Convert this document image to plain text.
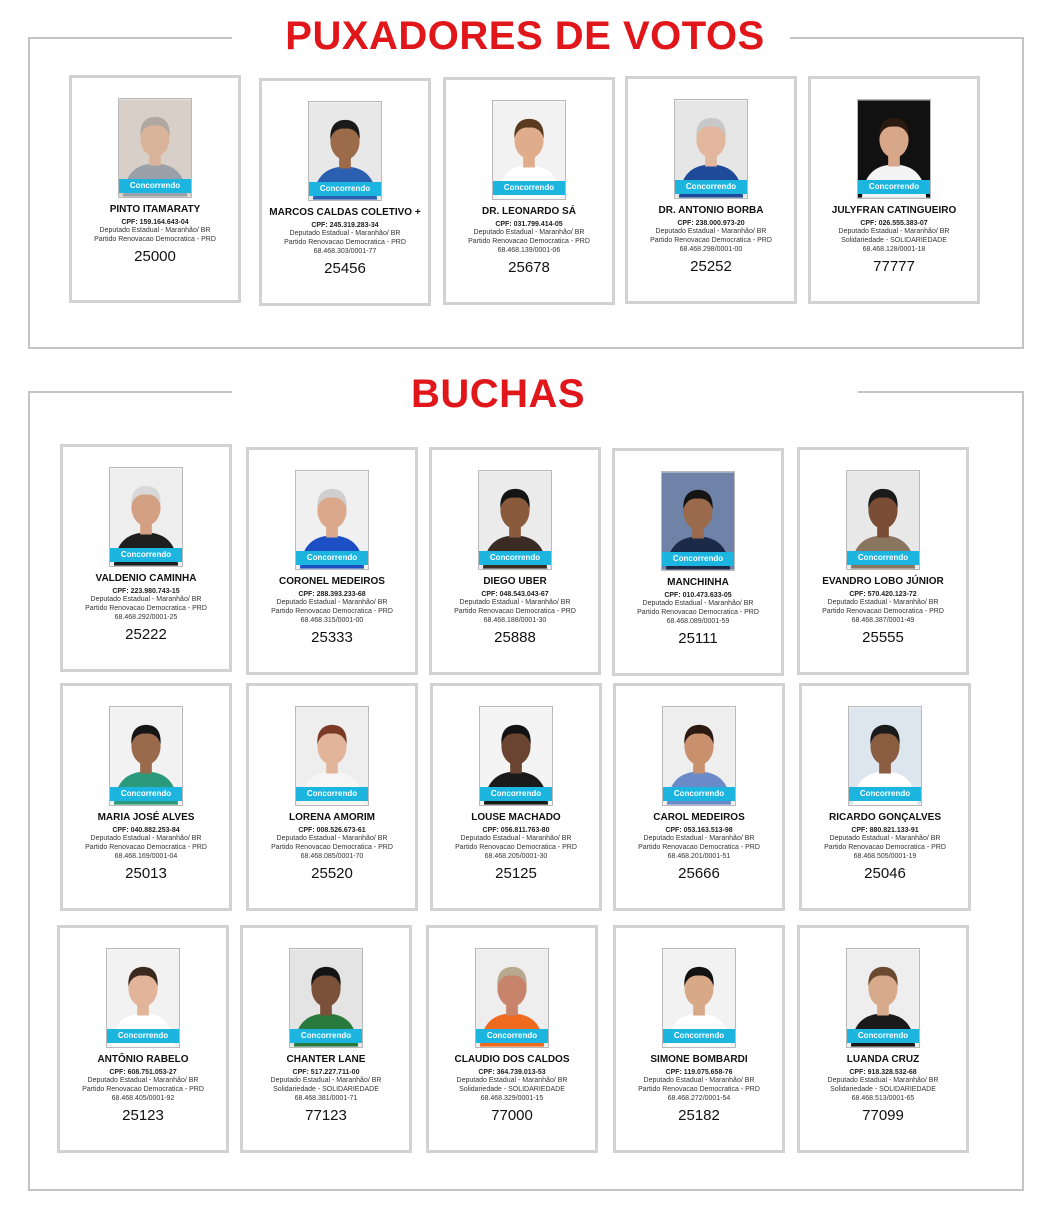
PUXADORES DE VOTOS
BUCHAS
Concorrendo
PINTO ITAMARATY
CPF: 159.164.643-04
Deputado Estadual - Maranhão/ BR
Partido Renovacao Democratica - PRD
25000
Concorrendo
MARCOS CALDAS COLETIVO +
CPF: 245.319.283-34
Deputado Estadual - Maranhão/ BR
Partido Renovacao Democratica - PRD
68.468.303/0001-77
25456
Concorrendo
DR. LEONARDO SÁ
CPF: 031.799.414-05
Deputado Estadual - Maranhão/ BR
Partido Renovacao Democratica - PRD
68.468.139/0001-06
25678
Concorrendo
DR. ANTONIO BORBA
CPF: 238.000.973-20
Deputado Estadual - Maranhão/ BR
Partido Renovacao Democratica - PRD
68.468.298/0001-00
25252
Concorrendo
JULYFRAN CATINGUEIRO
CPF: 026.555.383-07
Deputado Estadual - Maranhão/ BR
Solidariedade - SOLIDARIEDADE
68.468.128/0001-18
77777
Concorrendo
VALDENIO CAMINHA
CPF: 223.980.743-15
Deputado Estadual - Maranhão/ BR
Partido Renovacao Democratica - PRD
68.468.292/0001-25
25222
Concorrendo
CORONEL MEDEIROS
CPF: 288.393.233-68
Deputado Estadual - Maranhão/ BR
Partido Renovacao Democratica - PRD
68.468.315/0001-00
25333
Concorrendo
DIEGO UBER
CPF: 048.543.043-67
Deputado Estadual - Maranhão/ BR
Partido Renovacao Democratica - PRD
68.468.188/0001-30
25888
Concorrendo
MANCHINHA
CPF: 010.473.633-05
Deputado Estadual - Maranhão/ BR
Partido Renovacao Democratica - PRD
68.468.089/0001-59
25111
Concorrendo
EVANDRO LOBO JÚNIOR
CPF: 570.420.123-72
Deputado Estadual - Maranhão/ BR
Partido Renovacao Democratica - PRD
68.468.387/0001-49
25555
Concorrendo
MARIA JOSÉ ALVES
CPF: 040.882.253-84
Deputado Estadual - Maranhão/ BR
Partido Renovacao Democratica - PRD
68.468.169/0001-04
25013
Concorrendo
LORENA AMORIM
CPF: 008.526.673-61
Deputado Estadual - Maranhão/ BR
Partido Renovacao Democratica - PRD
68.468.085/0001-70
25520
Concorrendo
LOUSE MACHADO
CPF: 056.811.763-80
Deputado Estadual - Maranhão/ BR
Partido Renovacao Democratica - PRD
68.468.205/0001-30
25125
Concorrendo
CAROL MEDEIROS
CPF: 053.163.513-98
Deputado Estadual - Maranhão/ BR
Partido Renovacao Democratica - PRD
68.468.201/0001-51
25666
Concorrendo
RICARDO GONÇALVES
CPF: 880.821.133-91
Deputado Estadual - Maranhão/ BR
Partido Renovacao Democratica - PRD
68.468.505/0001-19
25046
Concorrendo
ANTÔNIO RABELO
CPF: 608.751.053-27
Deputado Estadual - Maranhão/ BR
Partido Renovacao Democratica - PRD
68.468.405/0001-92
25123
Concorrendo
CHANTER LANE
CPF: 517.227.711-00
Deputado Estadual - Maranhão/ BR
Solidariedade - SOLIDARIEDADE
68.468.381/0001-71
77123
Concorrendo
CLAUDIO DOS CALDOS
CPF: 364.739.013-53
Deputado Estadual - Maranhão/ BR
Solidariedade - SOLIDARIEDADE
68.468.329/0001-15
77000
Concorrendo
SIMONE BOMBARDI
CPF: 119.075.658-76
Deputado Estadual - Maranhão/ BR
Partido Renovacao Democratica - PRD
68.468.272/0001-54
25182
Concorrendo
LUANDA CRUZ
CPF: 918.328.532-68
Deputado Estadual - Maranhão/ BR
Solidariedade - SOLIDARIEDADE
68.468.513/0001-65
77099
